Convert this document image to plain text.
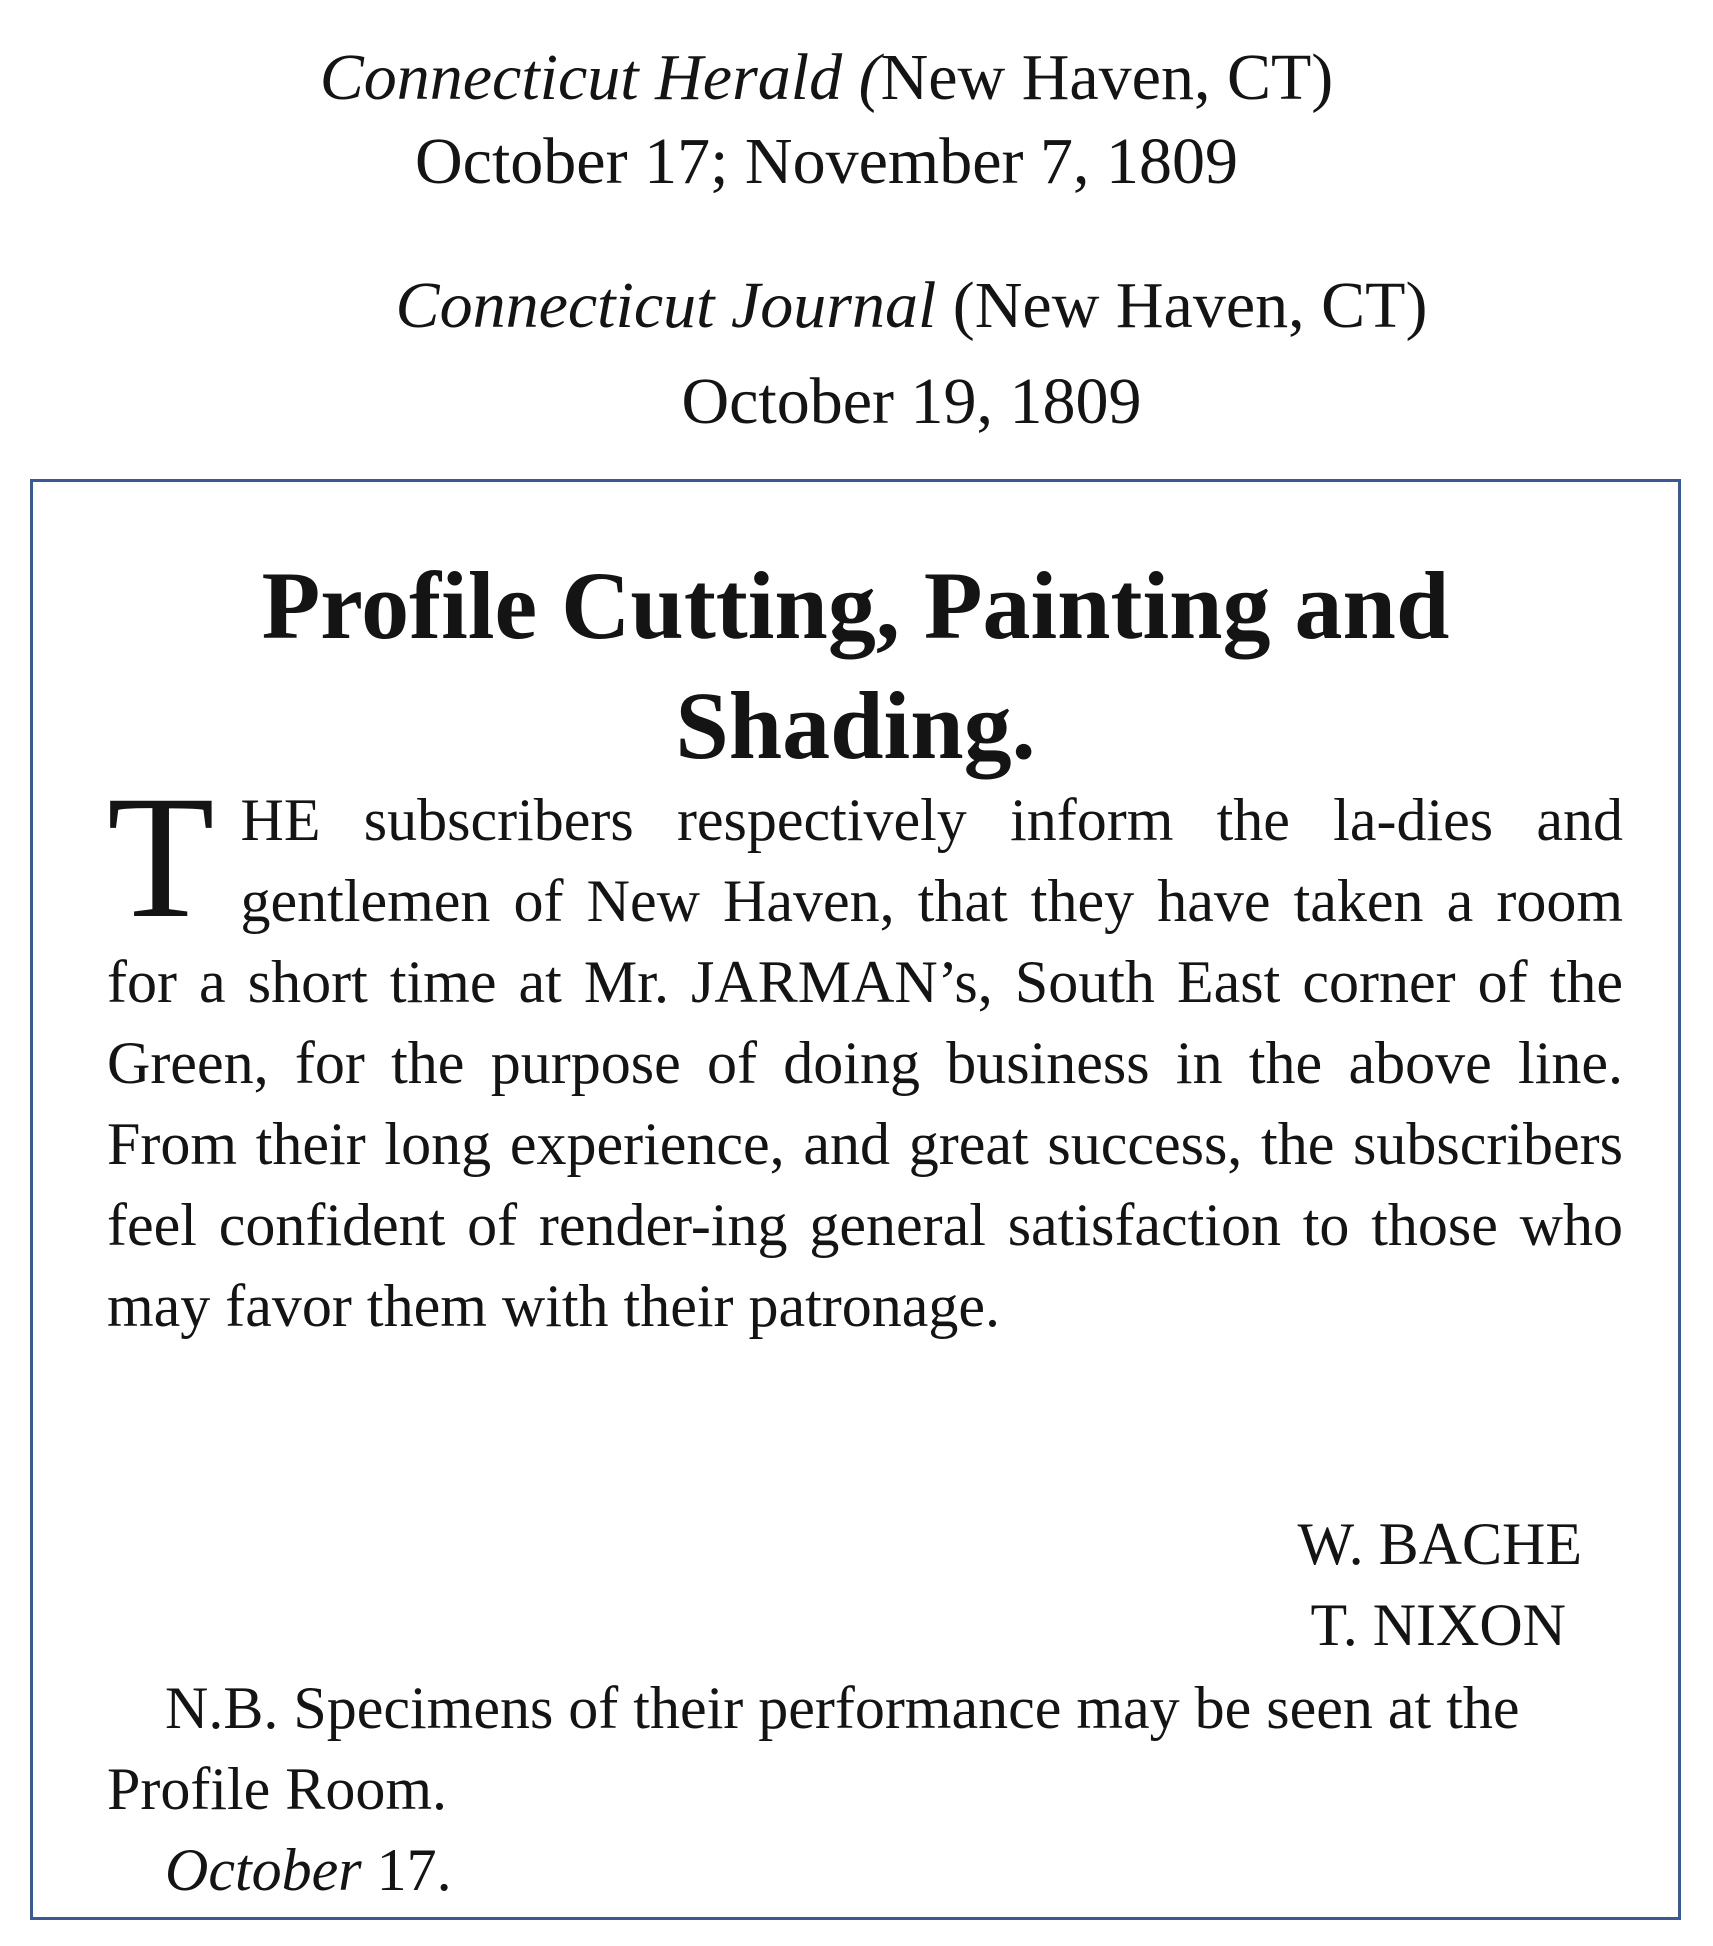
Connecticut Herald (New Haven, CT)

October 17; November 7, 1809

Connecticut Journal (New Haven, CT)

October 19, 1809

Profile Cutting, Painting and Shading.

THE subscribers respectively inform the la-dies and gentlemen of New Haven, that they have taken a room for a short time at Mr. JARMAN’s, South East corner of the Green, for the purpose of doing business in the above line. From their long experience, and great success, the subscribers feel confident of render-ing general satisfaction to those who may favor them with their patronage.

W. BACHE
T. NIXON

N.B. Specimens of their performance may be seen at the Profile Room.

October 17.
